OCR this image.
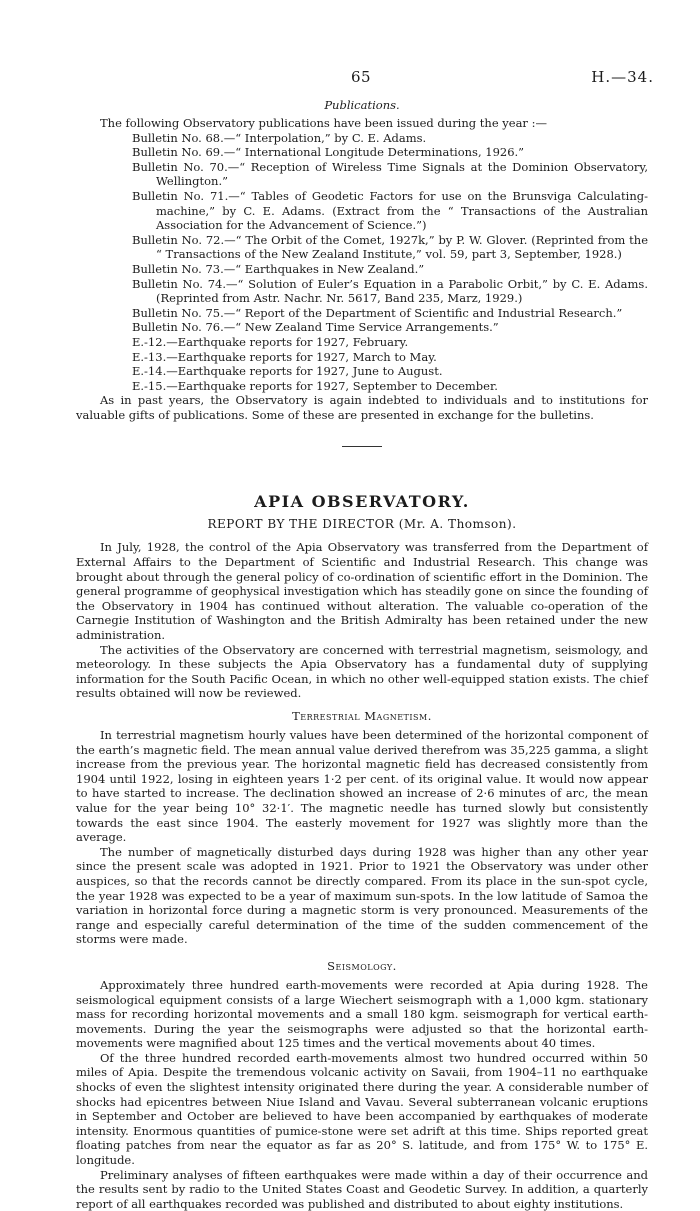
65	H.—34.
Publications.

The following Observatory publications have been issued during the year :—

Bulletin No. 68.—“ Interpolation,” by C. E. Adams.

Bulletin No. 69.—“ International Longitude Determinations, 1926.”

Bulletin No. 70.—“ Reception of Wireless Time Signals at the Dominion Observatory, Wellington.”

Bulletin No. 71.—“ Tables of Geodetic Factors for use on the Brunsviga Calculating-machine,” by C. E. Adams. (Extract from the “ Transactions of the Australian Association for the Advancement of Science.”)

Bulletin No. 72.—“ The Orbit of the Comet, 1927k,” by P. W. Glover. (Reprinted from the “ Transactions of the New Zealand Institute,” vol. 59, part 3, September, 1928.)

Bulletin No. 73.—“ Earthquakes in New Zealand.”

Bulletin No. 74.—“ Solution of Euler’s Equation in a Parabolic Orbit,” by C. E. Adams. (Reprinted from Astr. Nachr. Nr. 5617, Band 235, Marz, 1929.)

Bulletin No. 75.—“ Report of the Department of Scientific and Industrial Research.”

Bulletin No. 76.—“ New Zealand Time Service Arrangements.”

E.-12.—Earthquake reports for 1927, February.

E.-13.—Earthquake reports for 1927, March to May.

E.-14.—Earthquake reports for 1927, June to August.

E.-15.—Earthquake reports for 1927, September to December.

As in past years, the Observatory is again indebted to individuals and to institutions for valuable gifts of publications. Some of these are presented in exchange for the bulletins.

APIA OBSERVATORY.
REPORT BY THE DIRECTOR (Mr. A. Thomson).

In July, 1928, the control of the Apia Observatory was transferred from the Department of External Affairs to the Department of Scientific and Industrial Research. This change was brought about through the general policy of co-ordination of scientific effort in the Dominion. The general programme of geophysical investigation which has steadily gone on since the founding of the Observatory in 1904 has continued without alteration. The valuable co-operation of the Carnegie Institution of Washington and the British Admiralty has been retained under the new administration.

The activities of the Observatory are concerned with terrestrial magnetism, seismology, and meteorology. In these subjects the Apia Observatory has a fundamental duty of supplying information for the South Pacific Ocean, in which no other well-equipped station exists. The chief results obtained will now be reviewed.

Terrestrial Magnetism.

In terrestrial magnetism hourly values have been determined of the horizontal component of the earth’s magnetic field. The mean annual value derived therefrom was 35,225 gamma, a slight increase from the previous year. The horizontal magnetic field has decreased consistently from 1904 until 1922, losing in eighteen years 1·2 per cent. of its original value. It would now appear to have started to increase. The declination showed an increase of 2·6 minutes of arc, the mean value for the year being 10° 32·1′. The magnetic needle has turned slowly but consistently towards the east since 1904. The easterly movement for 1927 was slightly more than the average.

The number of magnetically disturbed days during 1928 was higher than any other year since the present scale was adopted in 1921. Prior to 1921 the Observatory was under other auspices, so that the records cannot be directly compared. From its place in the sun-spot cycle, the year 1928 was expected to be a year of maximum sun-spots. In the low latitude of Samoa the variation in horizontal force during a magnetic storm is very pronounced. Measurements of the range and especially careful determination of the time of the sudden commencement of the storms were made.

Seismology.

Approximately three hundred earth-movements were recorded at Apia during 1928. The seismological equipment consists of a large Wiechert seismograph with a 1,000 kgm. stationary mass for recording horizontal movements and a small 180 kgm. seismograph for vertical earth-movements. During the year the seismographs were adjusted so that the horizontal earth-movements were magnified about 125 times and the vertical movements about 40 times.

Of the three hundred recorded earth-movements almost two hundred occurred within 50 miles of Apia. Despite the tremendous volcanic activity on Savaii, from 1904–11 no earthquake shocks of even the slightest intensity originated there during the year. A considerable number of shocks had epicentres between Niue Island and Vavau. Several subterranean volcanic eruptions in September and October are believed to have been accompanied by earthquakes of moderate intensity. Enormous quantities of pumice-stone were set adrift at this time. Ships reported great floating patches from near the equator as far as 20° S. latitude, and from 175° W. to 175° E. longitude.

Preliminary analyses of fifteen earthquakes were made within a day of their occurrence and the results sent by radio to the United States Coast and Geodetic Survey. In addition, a quarterly report of all earthquakes recorded was published and distributed to about eighty institutions.
